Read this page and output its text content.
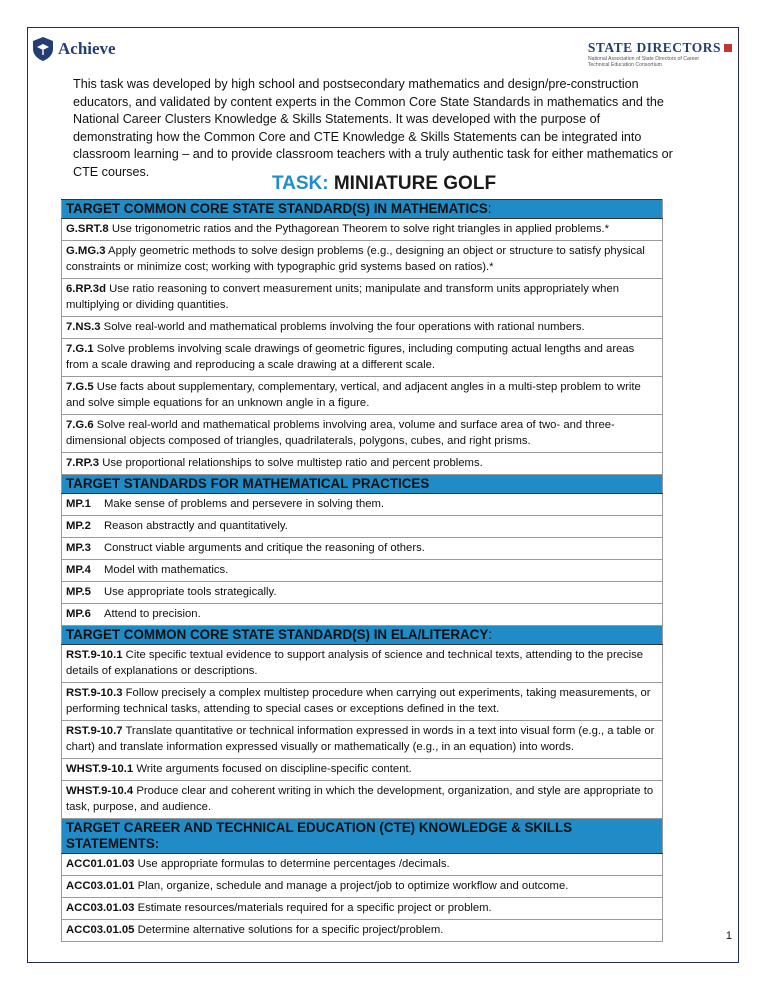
Achieve	STATE DIRECTORS
National Association of State Directors of Career Technical Education Consortium
This task was developed by high school and postsecondary mathematics and design/pre-construction educators, and validated by content experts in the Common Core State Standards in mathematics and the National Career Clusters Knowledge & Skills Statements. It was developed with the purpose of demonstrating how the Common Core and CTE Knowledge & Skills Statements can be integrated into classroom learning – and to provide classroom teachers with a truly authentic task for either mathematics or CTE courses.
TASK: MINIATURE GOLF
TARGET COMMON CORE STATE STANDARD(S) IN MATHEMATICS:	
G.SRT.8 Use trigonometric ratios and the Pythagorean Theorem to solve right triangles in applied problems.*	
G.MG.3 Apply geometric methods to solve design problems (e.g., designing an object or structure to satisfy physical constraints or minimize cost; working with typographic grid systems based on ratios).*	
6.RP.3d Use ratio reasoning to convert measurement units; manipulate and transform units appropriately when multiplying or dividing quantities.	
7.NS.3 Solve real-world and mathematical problems involving the four operations with rational numbers.	
7.G.1 Solve problems involving scale drawings of geometric figures, including computing actual lengths and areas from a scale drawing and reproducing a scale drawing at a different scale.	
7.G.5 Use facts about supplementary, complementary, vertical, and adjacent angles in a multi-step problem to write and solve simple equations for an unknown angle in a figure.	
7.G.6 Solve real-world and mathematical problems involving area, volume and surface area of two- and three-dimensional objects composed of triangles, quadrilaterals, polygons, cubes, and right prisms.	
7.RP.3 Use proportional relationships to solve multistep ratio and percent problems.	
TARGET STANDARDS FOR MATHEMATICAL PRACTICES	
MP.1	Make sense of problems and persevere in solving them.
MP.2	Reason abstractly and quantitatively.
MP.3	Construct viable arguments and critique the reasoning of others.
MP.4	Model with mathematics.
MP.5	Use appropriate tools strategically.
MP.6	Attend to precision.
TARGET COMMON CORE STATE STANDARD(S) IN ELA/LITERACY:	
RST.9-10.1 Cite specific textual evidence to support analysis of science and technical texts, attending to the precise details of explanations or descriptions.	
RST.9-10.3 Follow precisely a complex multistep procedure when carrying out experiments, taking measurements, or performing technical tasks, attending to special cases or exceptions defined in the text.	
RST.9-10.7 Translate quantitative or technical information expressed in words in a text into visual form (e.g., a table or chart) and translate information expressed visually or mathematically (e.g., in an equation) into words.	
WHST.9-10.1 Write arguments focused on discipline-specific content.	
WHST.9-10.4 Produce clear and coherent writing in which the development, organization, and style are appropriate to task, purpose, and audience.	
TARGET CAREER AND TECHNICAL EDUCATION (CTE) KNOWLEDGE & SKILLS STATEMENTS:	
ACC01.01.03 Use appropriate formulas to determine percentages /decimals.	
ACC03.01.01 Plan, organize, schedule and manage a project/job to optimize workflow and outcome.	
ACC03.01.03 Estimate resources/materials required for a specific project or problem.	
ACC03.01.05 Determine alternative solutions for a specific project/problem.		1
